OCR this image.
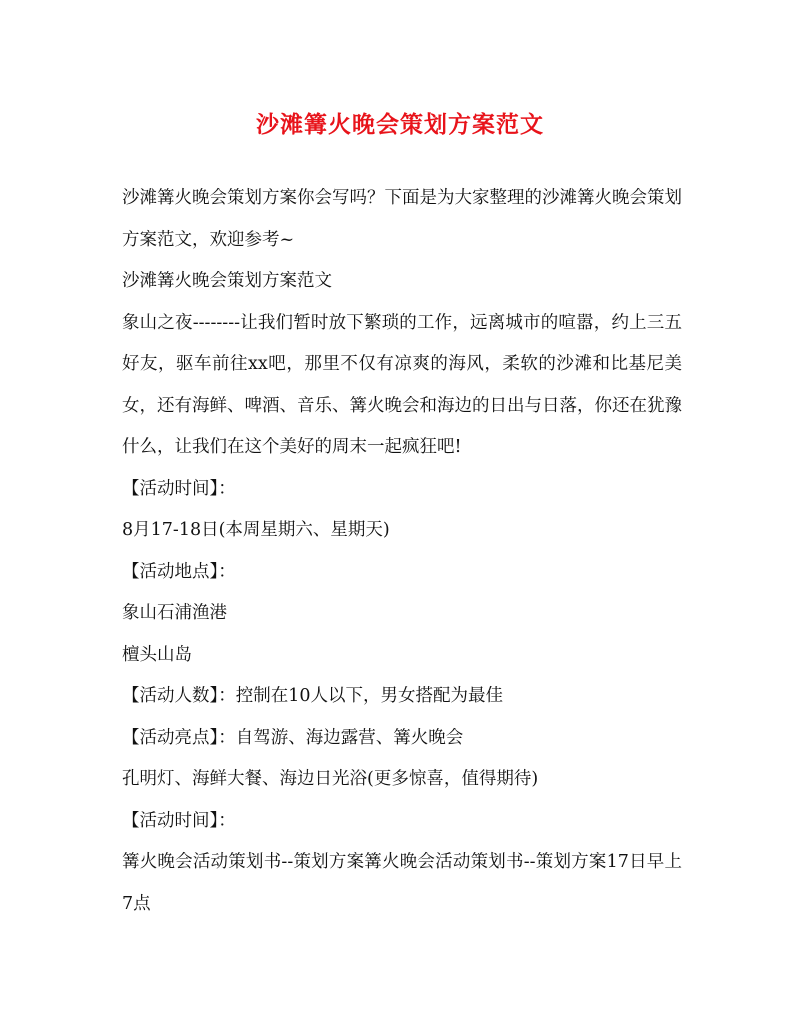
沙滩篝火晚会策划方案范文

沙滩篝火晚会策划方案你会写吗？下面是为大家整理的沙滩篝火晚会策划方案范文，欢迎参考~

沙滩篝火晚会策划方案范文

象山之夜--------让我们暂时放下繁琐的工作，远离城市的喧嚣，约上三五好友，驱车前往xx吧，那里不仅有凉爽的海风，柔软的沙滩和比基尼美女，还有海鲜、啤酒、音乐、篝火晚会和海边的日出与日落，你还在犹豫什么，让我们在这个美好的周末一起疯狂吧!

【活动时间】：

8月17-18日(本周星期六、星期天)

【活动地点】：

象山石浦渔港

檀头山岛

【活动人数】：控制在10人以下，男女搭配为最佳

【活动亮点】：自驾游、海边露营、篝火晚会

孔明灯、海鲜大餐、海边日光浴(更多惊喜，值得期待)

【活动时间】：

篝火晚会活动策划书--策划方案篝火晚会活动策划书--策划方案17日早上7点
